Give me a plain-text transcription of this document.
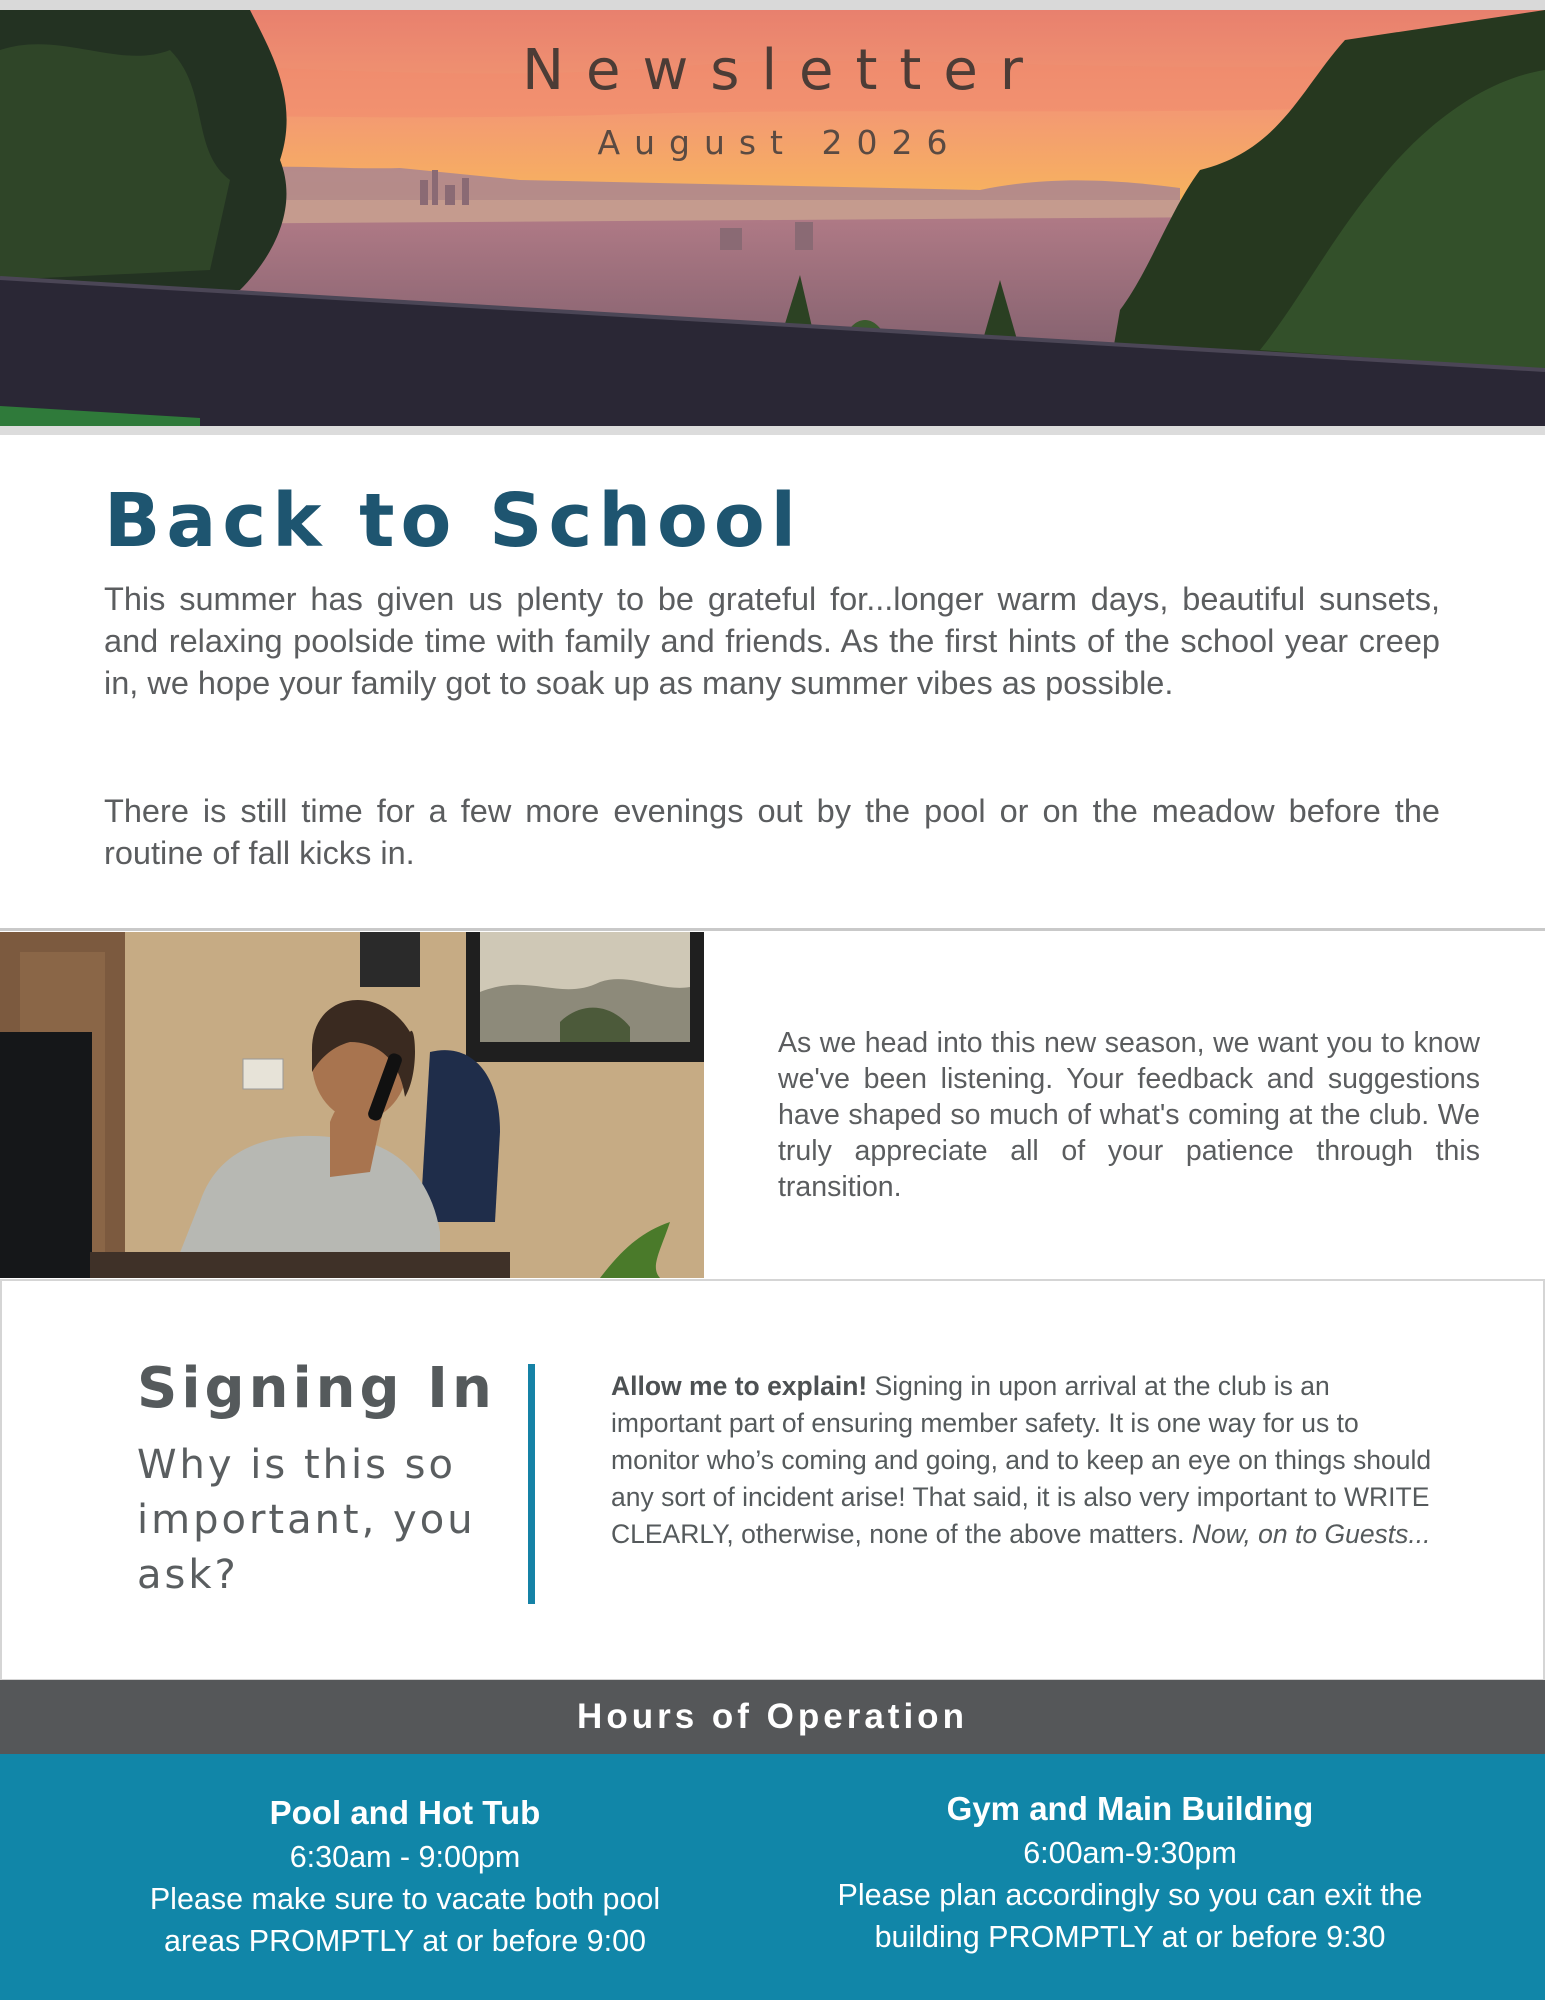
Newsletter
August 2026
Back to School

This summer has given us plenty to be grateful for...longer warm days, beautiful sunsets, and relaxing poolside time with family and friends. As the first hints of the school year creep in, we hope your family got to soak up as many summer vibes as possible.

There is still time for a few more evenings out by the pool or on the meadow before the routine of fall kicks in.

As we head into this new season, we want you to know we've been listening. Your feedback and suggestions have shaped so much of what's coming at the club. We truly appreciate all of your patience through this transition.

Signing In
Why is this so important, you ask?

Allow me to explain! Signing in upon arrival at the club is an important part of ensuring member safety. It is one way for us to monitor who’s coming and going, and to keep an eye on things should any sort of incident arise! That said, it is also very important to WRITE CLEARLY, otherwise, none of the above matters. Now, on to Guests...

Hours of Operation
Pool and Hot Tub
6:30am - 9:00pm
Please make sure to vacate both pool
areas PROMPTLY at or before 9:00
Gym and Main Building
6:00am-9:30pm
Please plan accordingly so you can exit the
building PROMPTLY at or before 9:30
